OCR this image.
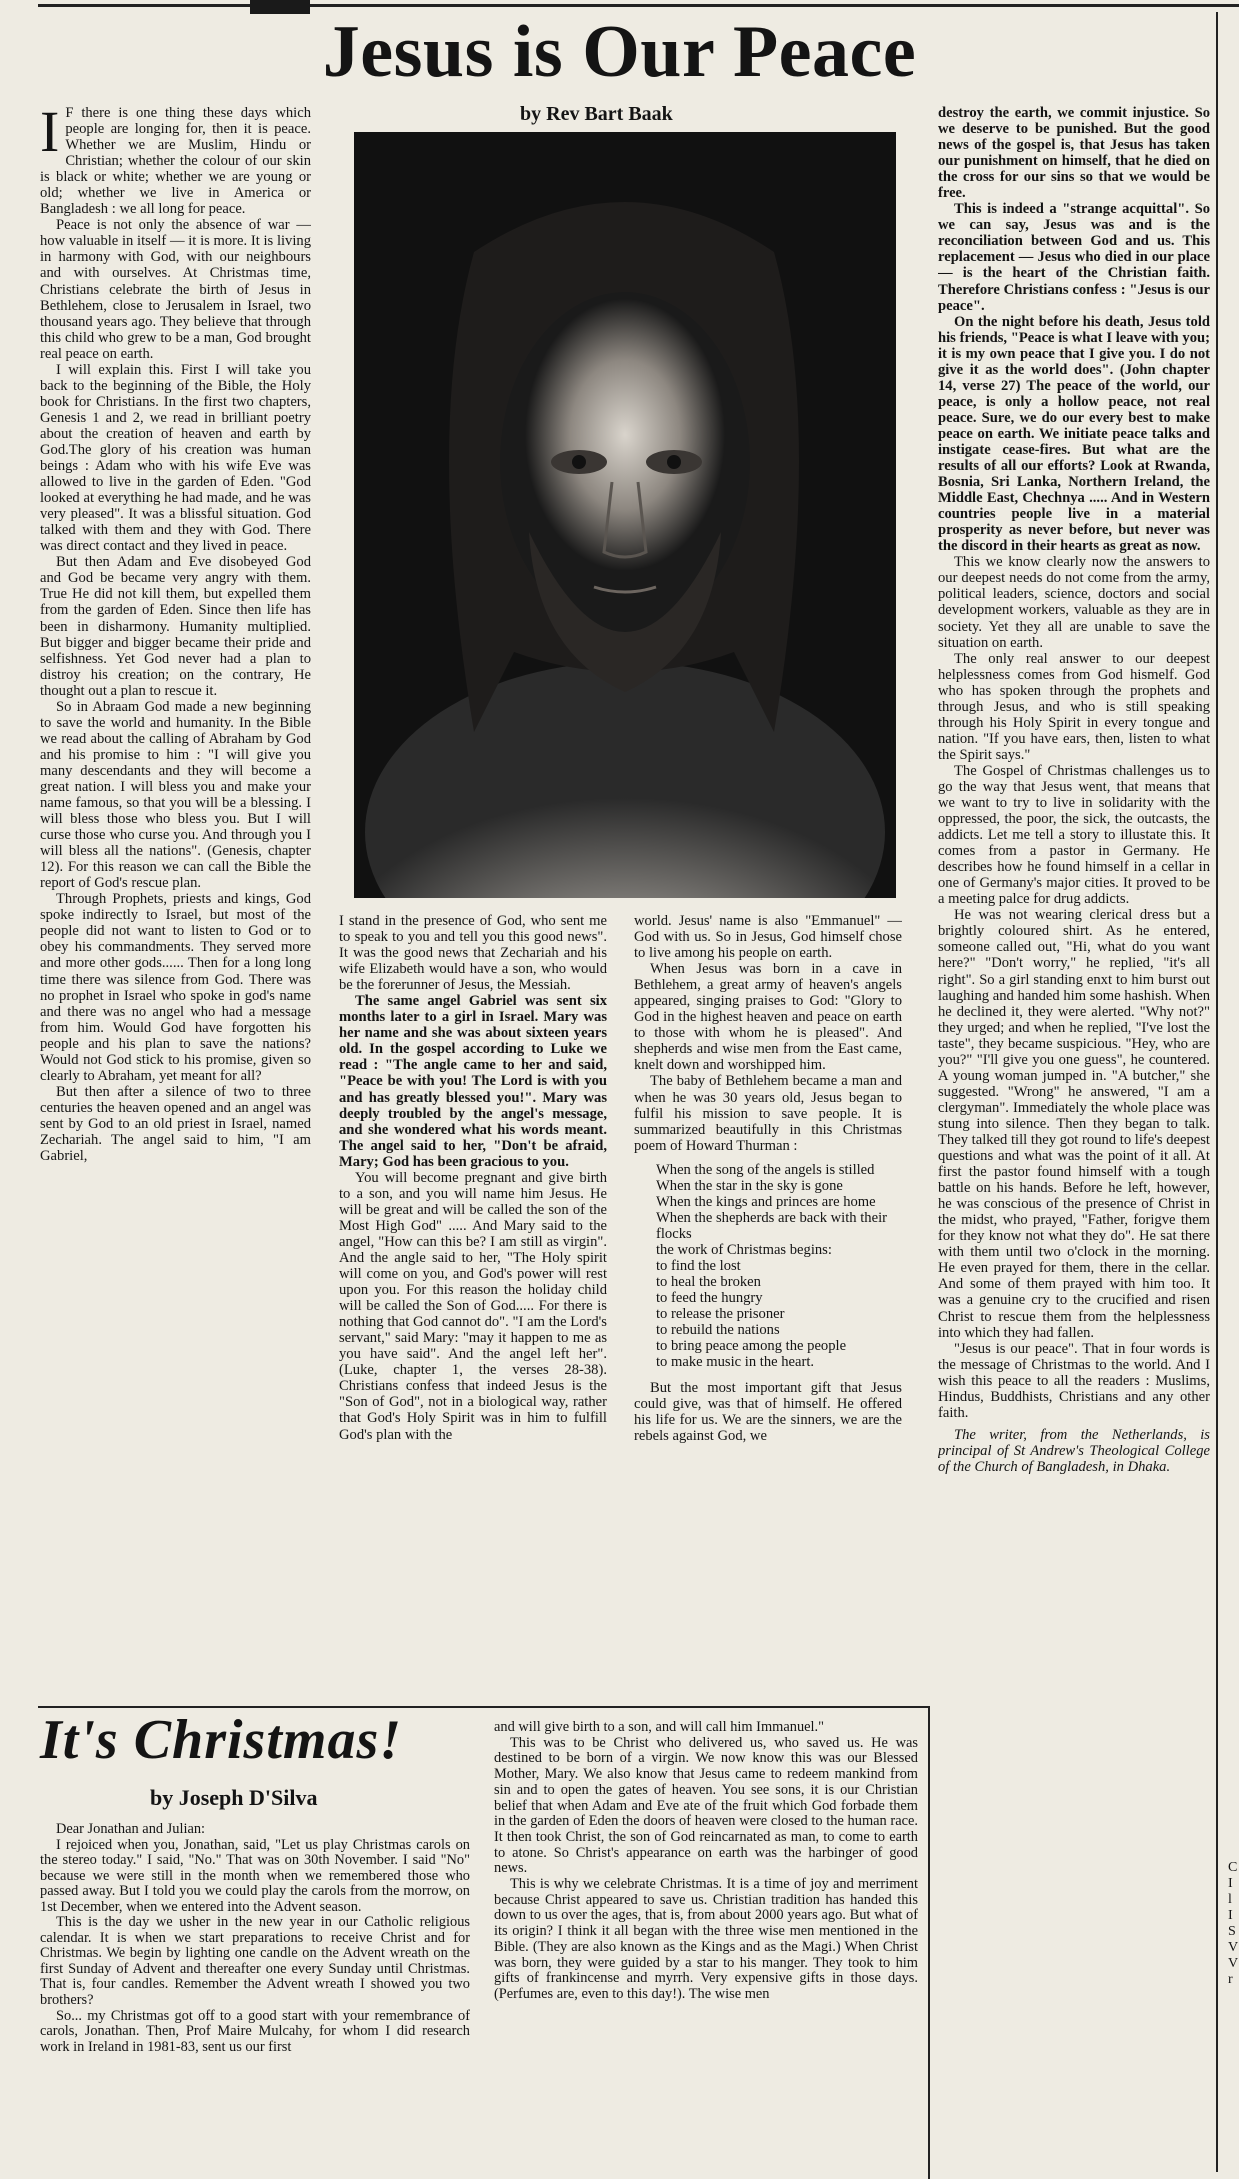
Jesus is Our Peace
by Rev Bart Baak

I F there is one thing these days which people are longing for, then it is peace. Whether we are Muslim, Hindu or Christian; whether the colour of our skin is black or white; whether we are young or old; whether we live in America or Bangladesh : we all long for peace.

Peace is not only the absence of war — how valuable in itself — it is more. It is living in harmony with God, with our neighbours and with ourselves. At Christmas time, Christians celebrate the birth of Jesus in Bethlehem, close to Jerusalem in Israel, two thousand years ago. They believe that through this child who grew to be a man, God brought real peace on earth.

I will explain this. First I will take you back to the beginning of the Bible, the Holy book for Christians. In the first two chapters, Genesis 1 and 2, we read in brilliant poetry about the creation of heaven and earth by God.The glory of his creation was human beings : Adam who with his wife Eve was allowed to live in the garden of Eden. "God looked at everything he had made, and he was very pleased". It was a blissful situation. God talked with them and they with God. There was direct contact and they lived in peace.

But then Adam and Eve disobeyed God and God be became very angry with them. True He did not kill them, but expelled them from the garden of Eden. Since then life has been in disharmony. Humanity multiplied. But bigger and bigger became their pride and selfishness. Yet God never had a plan to distroy his creation; on the contrary, He thought out a plan to rescue it.

So in Abraam God made a new beginning to save the world and humanity. In the Bible we read about the calling of Abraham by God and his promise to him : "I will give you many descendants and they will become a great nation. I will bless you and make your name famous, so that you will be a blessing. I will bless those who bless you. But I will curse those who curse you. And through you I will bless all the nations". (Genesis, chapter 12). For this reason we can call the Bible the report of God's rescue plan.

Through Prophets, priests and kings, God spoke indirectly to Israel, but most of the people did not want to listen to God or to obey his commandments. They served more and more other gods...... Then for a long long time there was silence from God. There was no prophet in Israel who spoke in god's name and there was no angel who had a message from him. Would God have forgotten his people and his plan to save the nations? Would not God stick to his promise, given so clearly to Abraham, yet meant for all?

But then after a silence of two to three centuries the heaven opened and an angel was sent by God to an old priest in Israel, named Zechariah. The angel said to him, "I am Gabriel,

I stand in the presence of God, who sent me to speak to you and tell you this good news". It was the good news that Zechariah and his wife Elizabeth would have a son, who would be the forerunner of Jesus, the Messiah.

The same angel Gabriel was sent six months later to a girl in Israel. Mary was her name and she was about sixteen years old. In the gospel according to Luke we read : "The angle came to her and said, "Peace be with you! The Lord is with you and has greatly blessed you!". Mary was deeply troubled by the angel's message, and she wondered what his words meant. The angel said to her, "Don't be afraid, Mary; God has been gracious to you.

You will become pregnant and give birth to a son, and you will name him Jesus. He will be great and will be called the son of the Most High God" ..... And Mary said to the angel, "How can this be? I am still as virgin". And the angle said to her, "The Holy spirit will come on you, and God's power will rest upon you. For this reason the holiday child will be called the Son of God..... For there is nothing that God cannot do". "I am the Lord's servant," said Mary: "may it happen to me as you have said". And the angel left her". (Luke, chapter 1, the verses 28-38). Christians confess that indeed Jesus is the "Son of God", not in a biological way, rather that God's Holy Spirit was in him to fulfill God's plan with the

world. Jesus' name is also "Emmanuel" — God with us. So in Jesus, God himself chose to live among his people on earth.

When Jesus was born in a cave in Bethlehem, a great army of heaven's angels appeared, singing praises to God: "Glory to God in the highest heaven and peace on earth to those with whom he is pleased". And shepherds and wise men from the East came, knelt down and worshipped him.

The baby of Bethlehem became a man and when he was 30 years old, Jesus began to fulfil his mission to save people. It is summarized beautifully in this Christmas poem of Howard Thurman :

When the song of the angels is stilled
When the star in the sky is gone
When the kings and princes are home
When the shepherds are back with their flocks
the work of Christmas begins:
to find the lost
to heal the broken
to feed the hungry
to release the prisoner
to rebuild the nations
to bring peace among the people
to make music in the heart.

But the most important gift that Jesus could give, was that of himself. He offered his life for us. We are the sinners, we are the rebels against God, we

destroy the earth, we commit injustice. So we deserve to be punished. But the good news of the gospel is, that Jesus has taken our punishment on himself, that he died on the cross for our sins so that we would be free.

This is indeed a "strange acquittal". So we can say, Jesus was and is the reconciliation between God and us. This replacement — Jesus who died in our place — is the heart of the Christian faith. Therefore Christians confess : "Jesus is our peace".

On the night before his death, Jesus told his friends, "Peace is what I leave with you; it is my own peace that I give you. I do not give it as the world does". (John chapter 14, verse 27) The peace of the world, our peace, is only a hollow peace, not real peace. Sure, we do our every best to make peace on earth. We initiate peace talks and instigate cease-fires. But what are the results of all our efforts? Look at Rwanda, Bosnia, Sri Lanka, Northern Ireland, the Middle East, Chechnya ..... And in Western countries people live in a material prosperity as never before, but never was the discord in their hearts as great as now.

This we know clearly now the answers to our deepest needs do not come from the army, political leaders, science, doctors and social development workers, valuable as they are in society. Yet they all are unable to save the situation on earth.

The only real answer to our deepest helplessness comes from God hismelf. God who has spoken through the prophets and through Jesus, and who is still speaking through his Holy Spirit in every tongue and nation. "If you have ears, then, listen to what the Spirit says."

The Gospel of Christmas challenges us to go the way that Jesus went, that means that we want to try to live in solidarity with the oppressed, the poor, the sick, the outcasts, the addicts. Let me tell a story to illustate this. It comes from a pastor in Germany. He describes how he found himself in a cellar in one of Germany's major cities. It proved to be a meeting palce for drug addicts.

He was not wearing clerical dress but a brightly coloured shirt. As he entered, someone called out, "Hi, what do you want here?" "Don't worry," he replied, "it's all right". So a girl standing enxt to him burst out laughing and handed him some hashish. When he declined it, they were alerted. "Why not?" they urged; and when he replied, "I've lost the taste", they became suspicious. "Hey, who are you?" "I'll give you one guess", he countered. A young woman jumped in. "A butcher," she suggested. "Wrong" he answered, "I am a clergyman". Immediately the whole place was stung into silence. Then they began to talk. They talked till they got round to life's deepest questions and what was the point of it all. At first the pastor found himself with a tough battle on his hands. Before he left, however, he was conscious of the presence of Christ in the midst, who prayed, "Father, forigve them for they know not what they do". He sat there with them until two o'clock in the morning. He even prayed for them, there in the cellar. And some of them prayed with him too. It was a genuine cry to the crucified and risen Christ to rescue them from the helplessness into which they had fallen.

"Jesus is our peace". That in four words is the message of Christmas to the world. And I wish this peace to all the readers : Muslims, Hindus, Buddhists, Christians and any other faith.

The writer, from the Netherlands, is principal of St Andrew's Theological College of the Church of Bangladesh, in Dhaka.

It's Christmas!
by Joseph D'Silva

Dear Jonathan and Julian:

I rejoiced when you, Jonathan, said, "Let us play Christmas carols on the stereo today." I said, "No." That was on 30th November. I said "No" because we were still in the month when we remembered those who passed away. But I told you we could play the carols from the morrow, on 1st December, when we entered into the Advent season.

This is the day we usher in the new year in our Catholic religious calendar. It is when we start preparations to receive Christ and for Christmas. We begin by lighting one candle on the Advent wreath on the first Sunday of Advent and thereafter one every Sunday until Christmas. That is, four candles. Remember the Advent wreath I showed you two brothers?

So... my Christmas got off to a good start with your remembrance of carols, Jonathan. Then, Prof Maire Mulcahy, for whom I did research work in Ireland in 1981-83, sent us our first

and will give birth to a son, and will call him Immanuel."

This was to be Christ who delivered us, who saved us. He was destined to be born of a virgin. We now know this was our Blessed Mother, Mary. We also know that Jesus came to redeem mankind from sin and to open the gates of heaven. You see sons, it is our Christian belief that when Adam and Eve ate of the fruit which God forbade them in the garden of Eden the doors of heaven were closed to the human race. It then took Christ, the son of God reincarnated as man, to come to earth to atone. So Christ's appearance on earth was the harbinger of good news.

This is why we celebrate Christmas. It is a time of joy and merriment because Christ appeared to save us. Christian tradition has handed this down to us over the ages, that is, from about 2000 years ago. But what of its origin? I think it all began with the three wise men mentioned in the Bible. (They are also known as the Kings and as the Magi.) When Christ was born, they were guided by a star to his manger. They took to him gifts of frankincense and myrrh. Very expensive gifts in those days. (Perfumes are, even to this day!). The wise men

C
I
l
I
S
V
V
r
